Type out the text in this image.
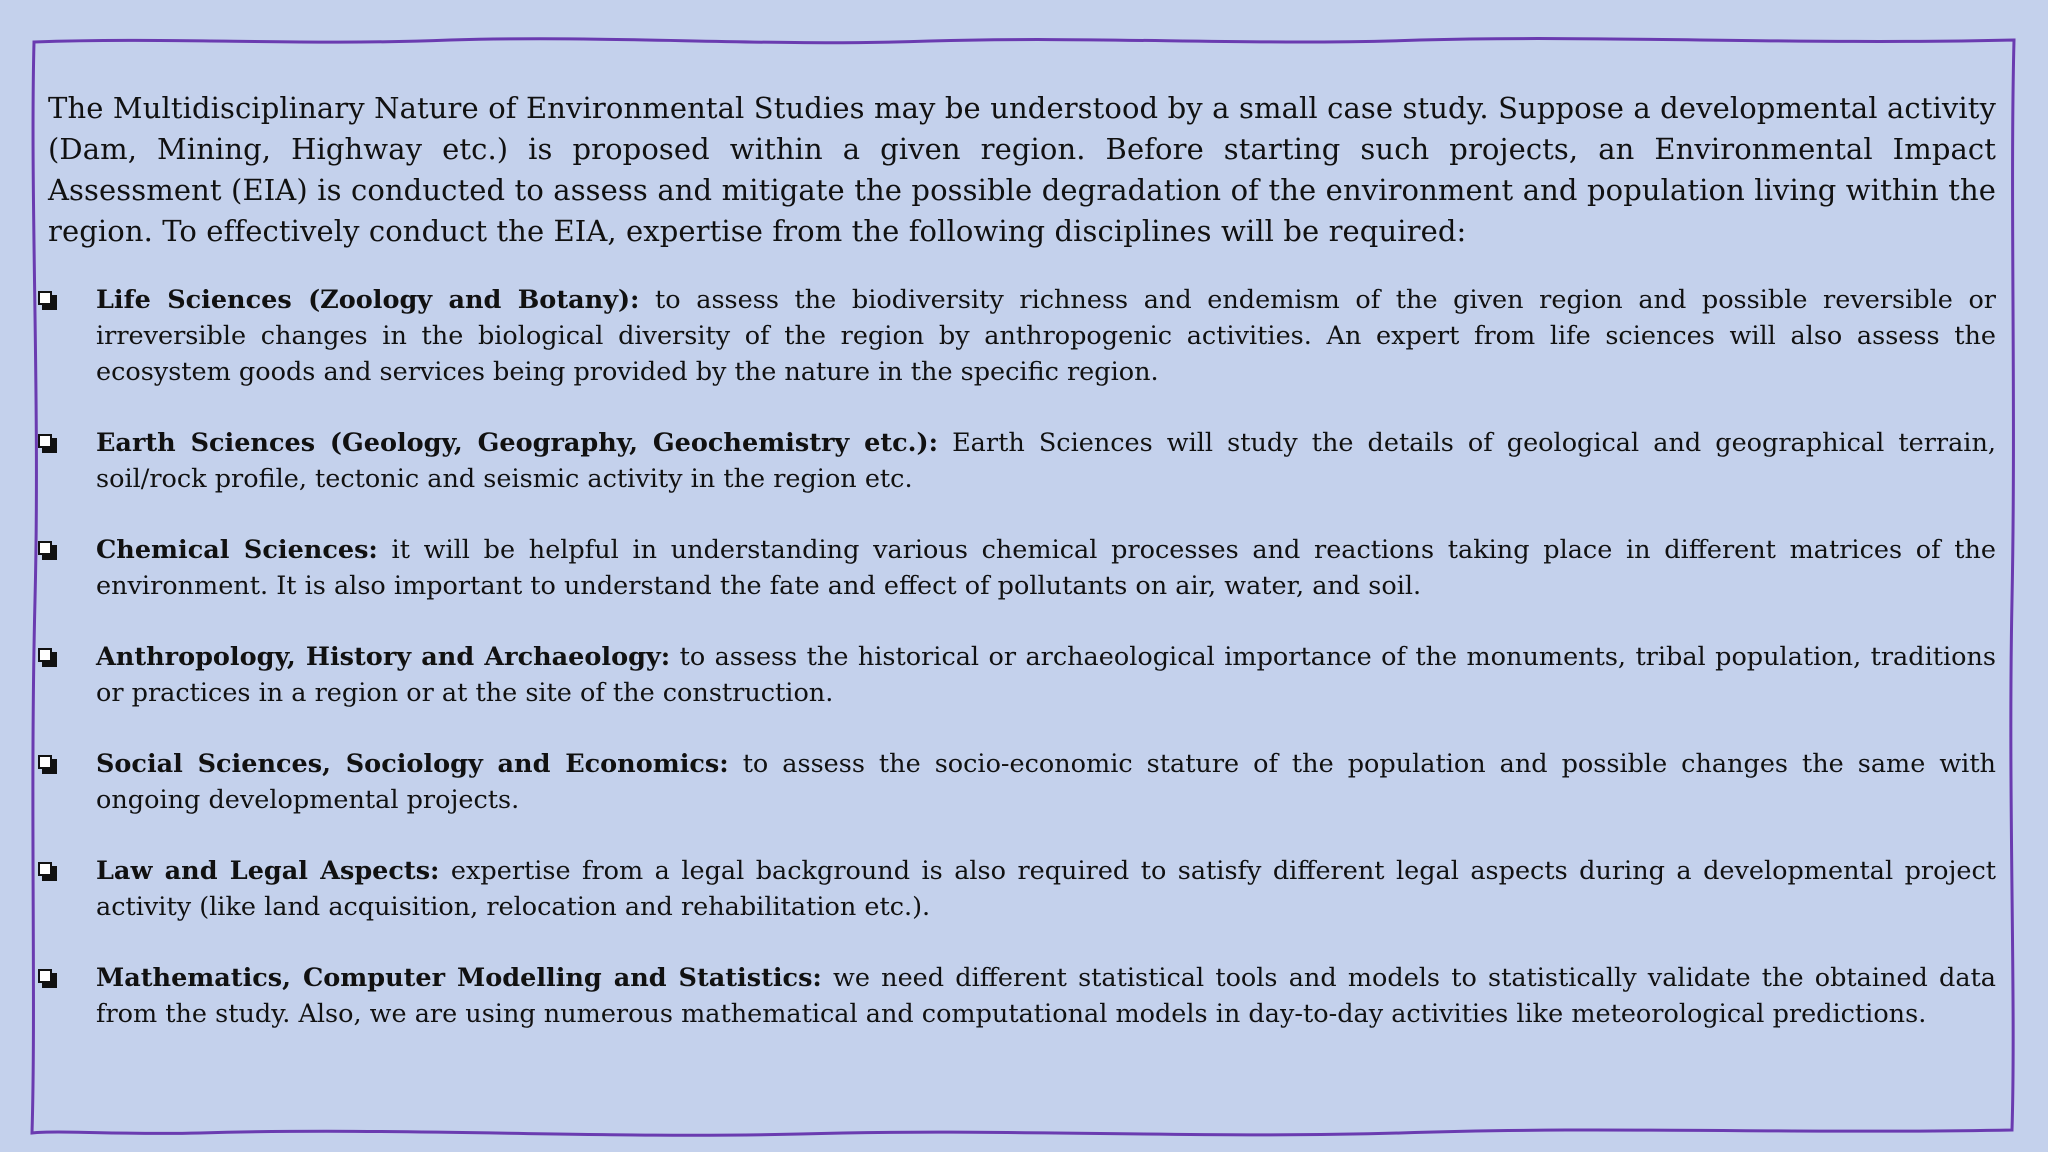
The Multidisciplinary Nature of Environmental Studies may be understood by a small case study. Suppose a developmental activity (Dam, Mining, Highway etc.) is proposed within a given region. Before starting such projects, an Environmental Impact Assessment (EIA) is conducted to assess and mitigate the possible degradation of the environment and population living within the region. To effectively conduct the EIA, expertise from the following disciplines will be required:

Life Sciences (Zoology and Botany): to assess the biodiversity richness and endemism of the given region and possible reversible or irreversible changes in the biological diversity of the region by anthropogenic activities. An expert from life sciences will also assess the ecosystem goods and services being provided by the nature in the specific region.
Earth Sciences (Geology, Geography, Geochemistry etc.): Earth Sciences will study the details of geological and geographical terrain, soil/rock profile, tectonic and seismic activity in the region etc.
Chemical Sciences: it will be helpful in understanding various chemical processes and reactions taking place in different matrices of the environment. It is also important to understand the fate and effect of pollutants on air, water, and soil.
Anthropology, History and Archaeology: to assess the historical or archaeological importance of the monuments, tribal population, traditions or practices in a region or at the site of the construction.
Social Sciences, Sociology and Economics: to assess the socio-economic stature of the population and possible changes the same with ongoing developmental projects.
Law and Legal Aspects: expertise from a legal background is also required to satisfy different legal aspects during a developmental project activity (like land acquisition, relocation and rehabilitation etc.).
Mathematics, Computer Modelling and Statistics: we need different statistical tools and models to statistically validate the obtained data from the study. Also, we are using numerous mathematical and computational models in day-to-day activities like meteorological predictions.
